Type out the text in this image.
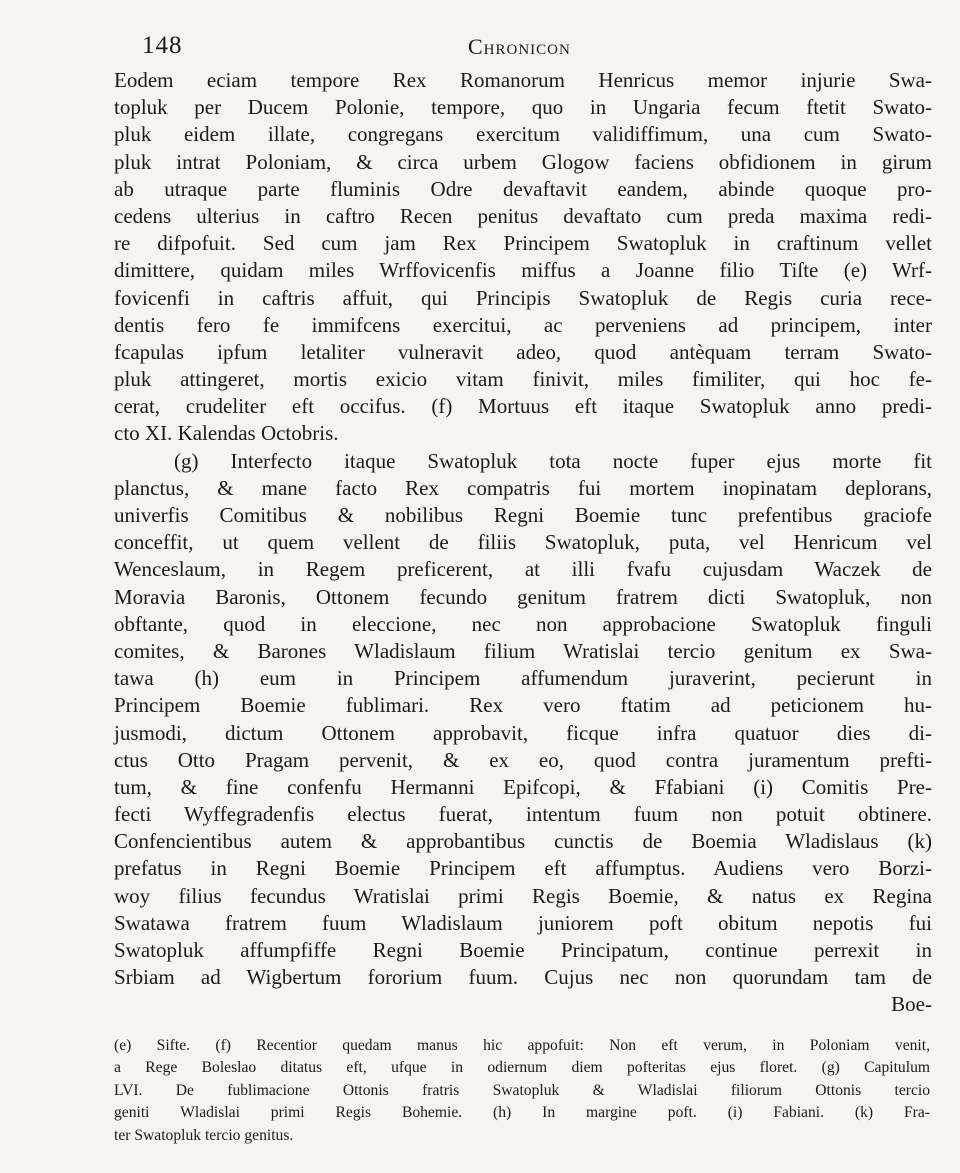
148	Chronicon
Eodem eciam tempore Rex Romanorum Henricus memor injurie Swa-
topluk per Ducem Polonie, tempore, quo in Ungaria fecum ftetit Swato-
pluk eidem illate, congregans exercitum validiffimum, una cum Swato-
pluk intrat Poloniam, & circa urbem Glogow faciens obfidionem in girum
ab utraque parte fluminis Odre devaftavit eandem, abinde quoque pro-
cedens ulterius in caftro Recen penitus devaftato cum preda maxima redi-
re difpofuit. Sed cum jam Rex Principem Swatopluk in craftinum vellet
dimittere, quidam miles Wrffovicenfis miffus a Joanne filio Tiſte (e) Wrf-
fovicenfi in caftris affuit, qui Principis Swatopluk de Regis curia rece-
dentis fero fe immifcens exercitui, ac perveniens ad principem, inter
fcapulas ipfum letaliter vulneravit adeo, quod antèquam terram Swato-
pluk attingeret, mortis exicio vitam finivit, miles fimiliter, qui hoc fe-
cerat, crudeliter eft occifus. (f) Mortuus eft itaque Swatopluk anno predi-
cto XI. Kalendas Octobris.
(g) Interfecto itaque Swatopluk tota nocte fuper ejus morte fit
planctus, & mane facto Rex compatris fui mortem inopinatam deplorans,
univerfis Comitibus & nobilibus Regni Boemie tunc prefentibus graciofe
conceffit, ut quem vellent de filiis Swatopluk, puta, vel Henricum vel
Wenceslaum, in Regem preficerent, at illi fvafu cujusdam Waczek de
Moravia Baronis, Ottonem fecundo genitum fratrem dicti Swatopluk, non
obftante, quod in eleccione, nec non approbacione Swatopluk finguli
comites, & Barones Wladislaum filium Wratislai tercio genitum ex Swa-
tawa (h) eum in Principem affumendum juraverint, pecierunt in
Principem Boemie fublimari. Rex vero ftatim ad peticionem hu-
jusmodi, dictum Ottonem approbavit, ficque infra quatuor dies di-
ctus Otto Pragam pervenit, & ex eo, quod contra juramentum prefti-
tum, & fine confenfu Hermanni Epifcopi, & Ffabiani (i) Comitis Pre-
fecti Wyffegradenfis electus fuerat, intentum fuum non potuit obtinere.
Confencientibus autem & approbantibus cunctis de Boemia Wladislaus (k)
prefatus in Regni Boemie Principem eft affumptus. Audiens vero Borzi-
woy filius fecundus Wratislai primi Regis Boemie, & natus ex Regina
Swatawa fratrem fuum Wladislaum juniorem poft obitum nepotis fui
Swatopluk affumpfiffe Regni Boemie Principatum, continue perrexit in
Srbiam ad Wigbertum fororium fuum. Cujus nec non quorundam tam de
Boe-
(e) Sifte. (f) Recentior quedam manus hic appofuit: Non eft verum, in Poloniam venit,
a Rege Boleslao ditatus eft, ufque in odiernum diem pofteritas ejus floret. (g) Capitulum
LVI. De fublimacione Ottonis fratris Swatopluk & Wladislai filiorum Ottonis tercio
geniti Wladislai primi Regis Bohemie. (h) In margine poft. (i) Fabiani. (k) Fra-
ter Swatopluk tercio genitus.
